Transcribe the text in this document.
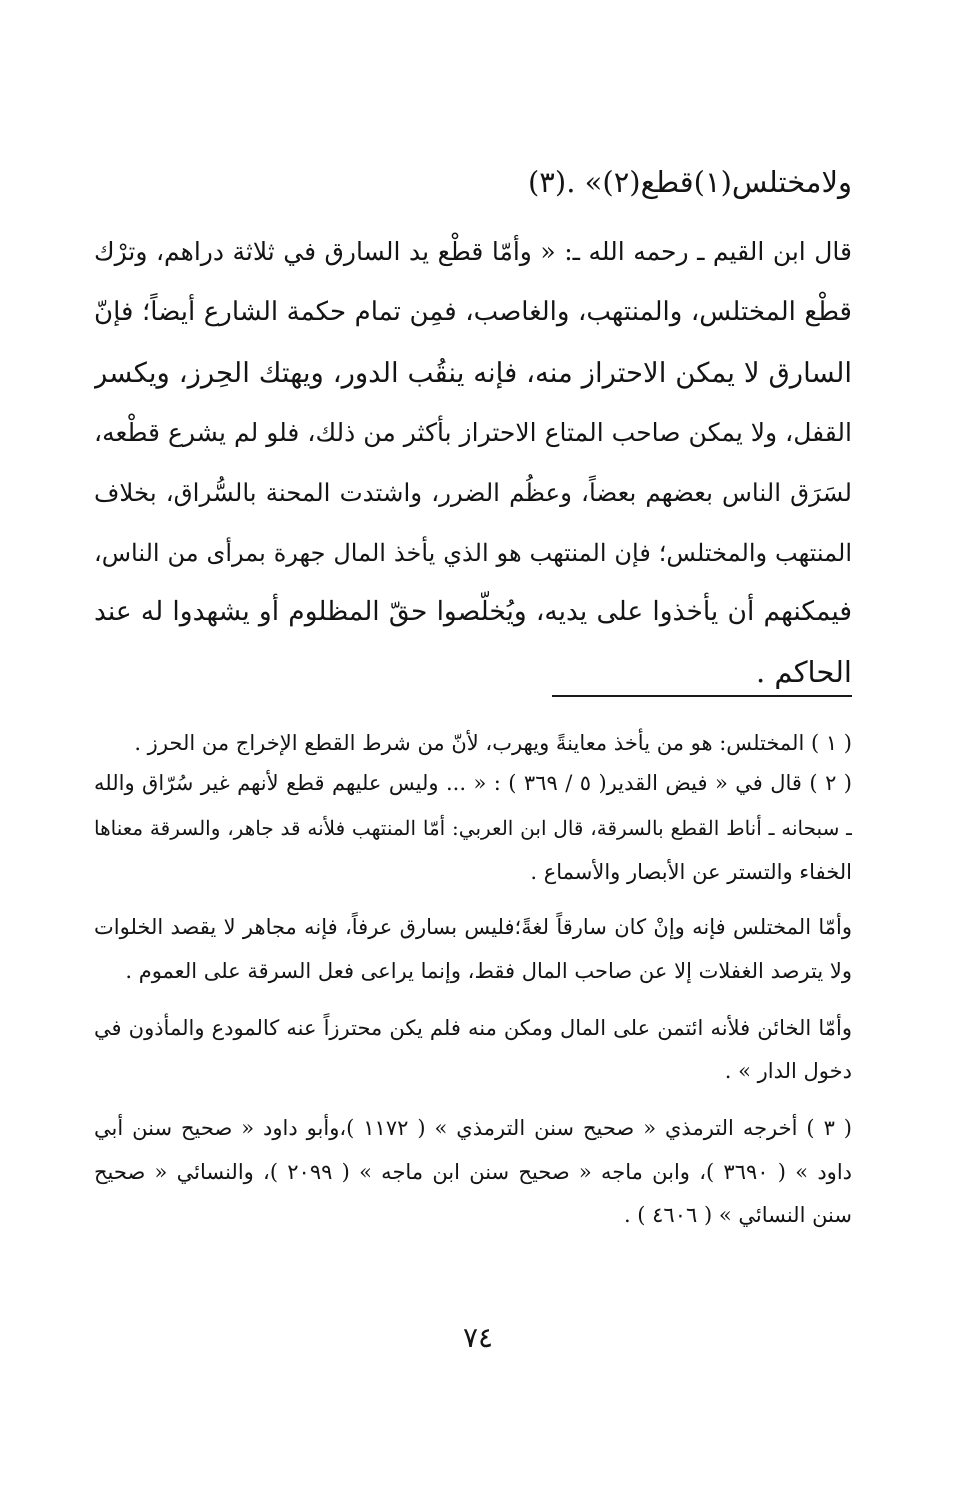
ولامختلس(١)قطع(٢)» .(٣)
قال ابن القيم ـ رحمه الله ـ: « وأمّا قطْع يد السارق في ثلاثة دراهم، وترْك
قطْع المختلس، والمنتهب، والغاصب، فمِن تمام حكمة الشارع أيضاً؛ فإنّ
السارق لا يمكن الاحتراز منه، فإنه ينقُب الدور، ويهتك الحِرز، ويكسر
القفل، ولا يمكن صاحب المتاع الاحتراز بأكثر من ذلك، فلو لم يشرع قطْعه،
لسَرَق الناس بعضهم بعضاً، وعظُم الضرر، واشتدت المحنة بالسُّراق، بخلاف
المنتهب والمختلس؛ فإن المنتهب هو الذي يأخذ المال جهرة بمرأى من الناس،
فيمكنهم أن يأخذوا على يديه، ويُخلّصوا حقّ المظلوم أو يشهدوا له عند
الحاكم .
( ١ ) المختلس: هو من يأخذ معاينةً ويهرب، لأنّ من شرط القطع الإخراج من الحرز .
( ٢ ) قال في « فيض القدير( ٥ / ٣٦٩ ) : « ... وليس عليهم قطع لأنهم غير سُرّاق والله
ـ سبحانه ـ أناط القطع بالسرقة، قال ابن العربي: أمّا المنتهب فلأنه قد جاهر، والسرقة معناها
الخفاء والتستر عن الأبصار والأسماع .
وأمّا المختلس فإنه وإنْ كان سارقاً لغةً؛فليس بسارق عرفاً، فإنه مجاهر لا يقصد الخلوات
ولا يترصد الغفلات إلا عن صاحب المال فقط، وإنما يراعى فعل السرقة على العموم .
وأمّا الخائن فلأنه ائتمن على المال ومكن منه فلم يكن محترزاً عنه كالمودع والمأذون في
دخول الدار » .
( ٣ ) أخرجه الترمذي « صحيح سنن الترمذي » ( ١١٧٢ )،وأبو داود « صحيح سنن أبي
داود » ( ٣٦٩٠ )، وابن ماجه « صحيح سنن ابن ماجه » ( ٢٠٩٩ )، والنسائي « صحيح
سنن النسائي » ( ٤٦٠٦ ) .
٧٤
